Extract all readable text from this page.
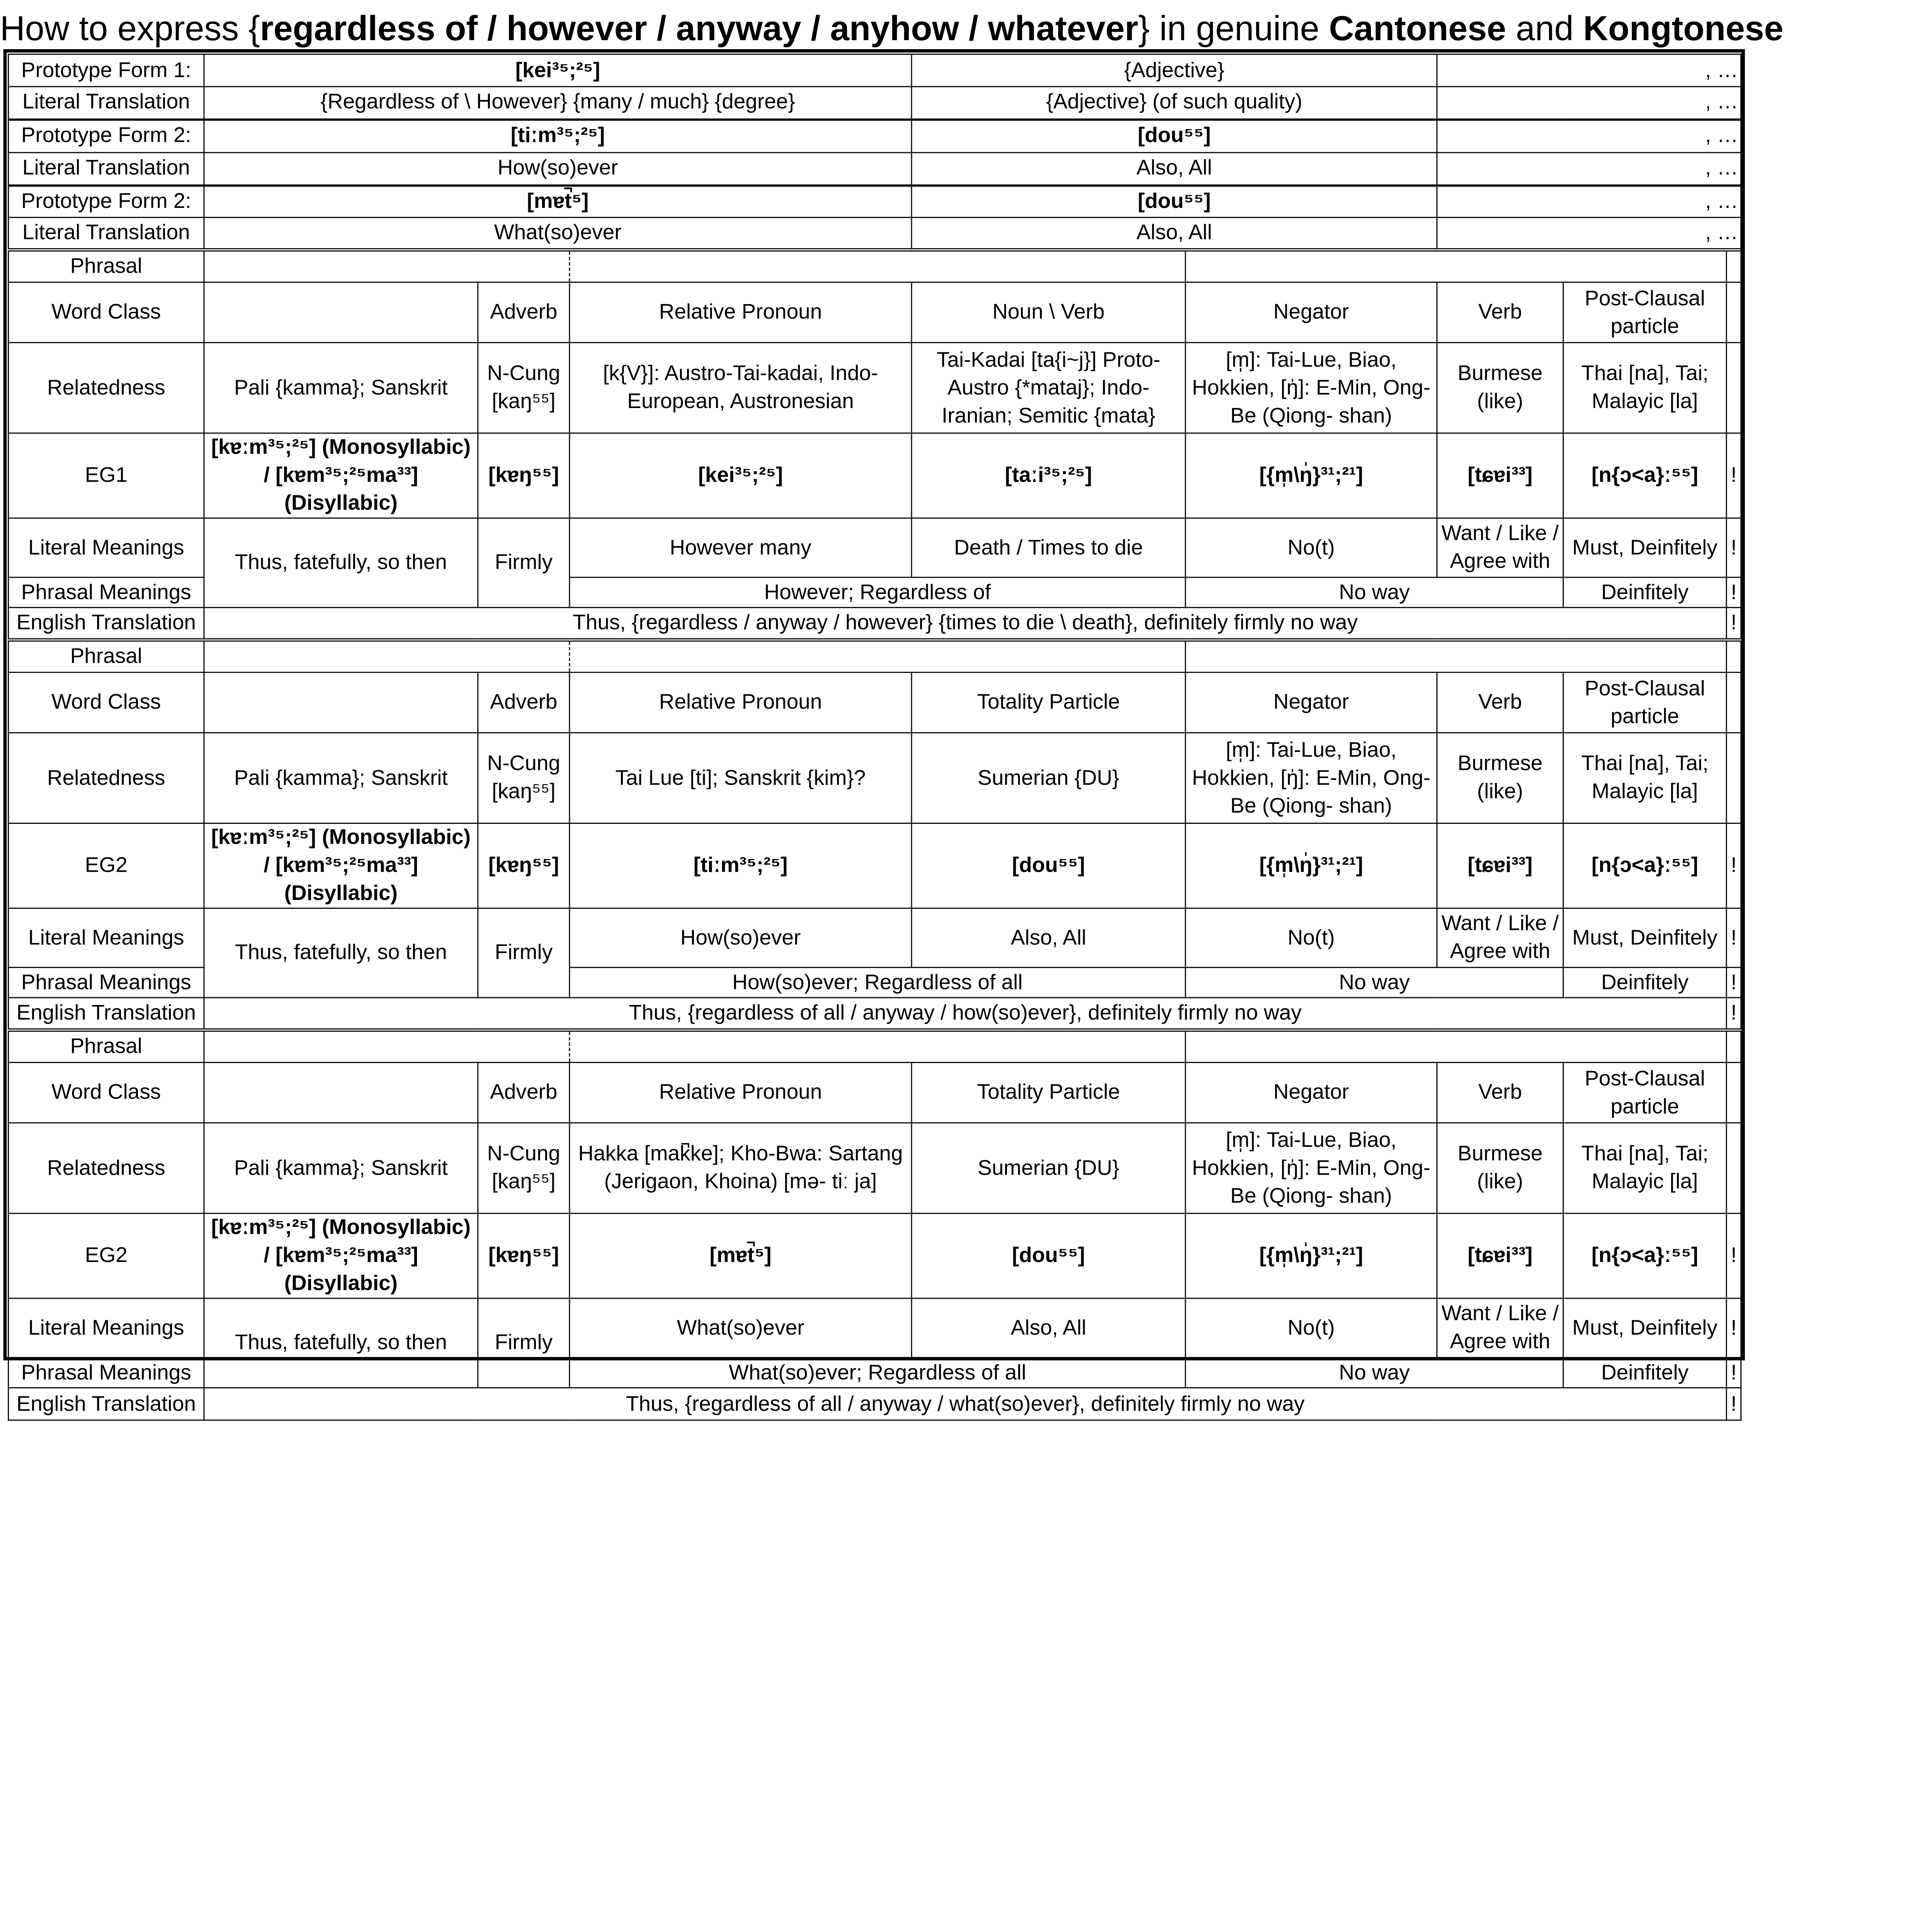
How to express {regardless of / however / anyway / anyhow / whatever} in genuine Cantonese and Kongtonese
Prototype Form 1:	[kei³⁵;²⁵]			{Adjective}		, …	
Literal Translation	{Regardless of \ However} {many / much} {degree}			{Adjective} (of such quality)		, …	
Prototype Form 2:	[tiːm³⁵;²⁵]			[dou⁵⁵]		, …	
Literal Translation	How(so)ever			Also, All		, …	
Prototype Form 2:	[mɐt̚⁵]			[dou⁵⁵]		, …	
Literal Translation	What(so)ever			Also, All		, …	
Phrasal									
Word Class		Adverb	Relative Pronoun	Noun \ Verb	Negator	Verb	Post-Clausal particle		
Relatedness	Pali {kamma}; Sanskrit	N-Cung [kaŋ⁵⁵]	[k{V}]: Austro-Tai-kadai, Indo-European, Austronesian	Tai-Kadai [ta{i~j}] Proto-Austro {*mataj}; Indo-Iranian; Semitic {mata}	[m̩]: Tai-Lue, Biao, Hokkien, [ŋ̍]: E-Min, Ong-Be (Qiong- shan)	Burmese (like)	Thai [na], Tai; Malayic [la]		
EG1	[kɐːm³⁵;²⁵] (Monosyllabic) / [kɐm³⁵;²⁵ma³³] (Disyllabic)	[kɐŋ⁵⁵]	[kei³⁵;²⁵]	[taːi³⁵;²⁵]	[{m̩\ŋ̍}³¹;²¹]	[tɕɐi³³]	[n{ɔ<a}ː⁵⁵]	!	
Literal Meanings	Thus, fatefully, so then	Firmly	However many	Death / Times to die	No(t)	Want / Like / Agree with	Must, Deinfitely	!	
Phrasal Meanings			However; Regardless of		No way		Deinfitely	!	
English Translation	Thus, {regardless / anyway / however} {times to die \ death}, definitely firmly no way							!	
Phrasal									
Word Class		Adverb	Relative Pronoun	Totality Particle	Negator	Verb	Post-Clausal particle		
Relatedness	Pali {kamma}; Sanskrit	N-Cung [kaŋ⁵⁵]	Tai Lue [ti]; Sanskrit {kim}?	Sumerian {DU}	[m̩]: Tai-Lue, Biao, Hokkien, [ŋ̍]: E-Min, Ong-Be (Qiong- shan)	Burmese (like)	Thai [na], Tai; Malayic [la]		
EG2	[kɐːm³⁵;²⁵] (Monosyllabic) / [kɐm³⁵;²⁵ma³³] (Disyllabic)	[kɐŋ⁵⁵]	[tiːm³⁵;²⁵]	[dou⁵⁵]	[{m̩\ŋ̍}³¹;²¹]	[tɕɐi³³]	[n{ɔ<a}ː⁵⁵]	!	
Literal Meanings	Thus, fatefully, so then	Firmly	How(so)ever	Also, All	No(t)	Want / Like / Agree with	Must, Deinfitely	!	
Phrasal Meanings			How(so)ever; Regardless of all		No way		Deinfitely	!	
English Translation	Thus, {regardless of all / anyway / how(so)ever}, definitely firmly no way							!	
Phrasal									
Word Class		Adverb	Relative Pronoun	Totality Particle	Negator	Verb	Post-Clausal particle		
Relatedness	Pali {kamma}; Sanskrit	N-Cung [kaŋ⁵⁵]	Hakka [mak̚ke]; Kho-Bwa: Sartang (Jerigaon, Khoina) [mə- tiː ja]	Sumerian {DU}	[m̩]: Tai-Lue, Biao, Hokkien, [ŋ̍]: E-Min, Ong-Be (Qiong- shan)	Burmese (like)	Thai [na], Tai; Malayic [la]		
EG2	[kɐːm³⁵;²⁵] (Monosyllabic) / [kɐm³⁵;²⁵ma³³] (Disyllabic)	[kɐŋ⁵⁵]	[mɐt̚⁵]	[dou⁵⁵]	[{m̩\ŋ̍}³¹;²¹]	[tɕɐi³³]	[n{ɔ<a}ː⁵⁵]	!	
Literal Meanings	Thus, fatefully, so then	Firmly	What(so)ever	Also, All	No(t)	Want / Like / Agree with	Must, Deinfitely	!	
Phrasal Meanings			What(so)ever; Regardless of all		No way		Deinfitely	!	
English Translation	Thus, {regardless of all / anyway / what(so)ever}, definitely firmly no way							!	
